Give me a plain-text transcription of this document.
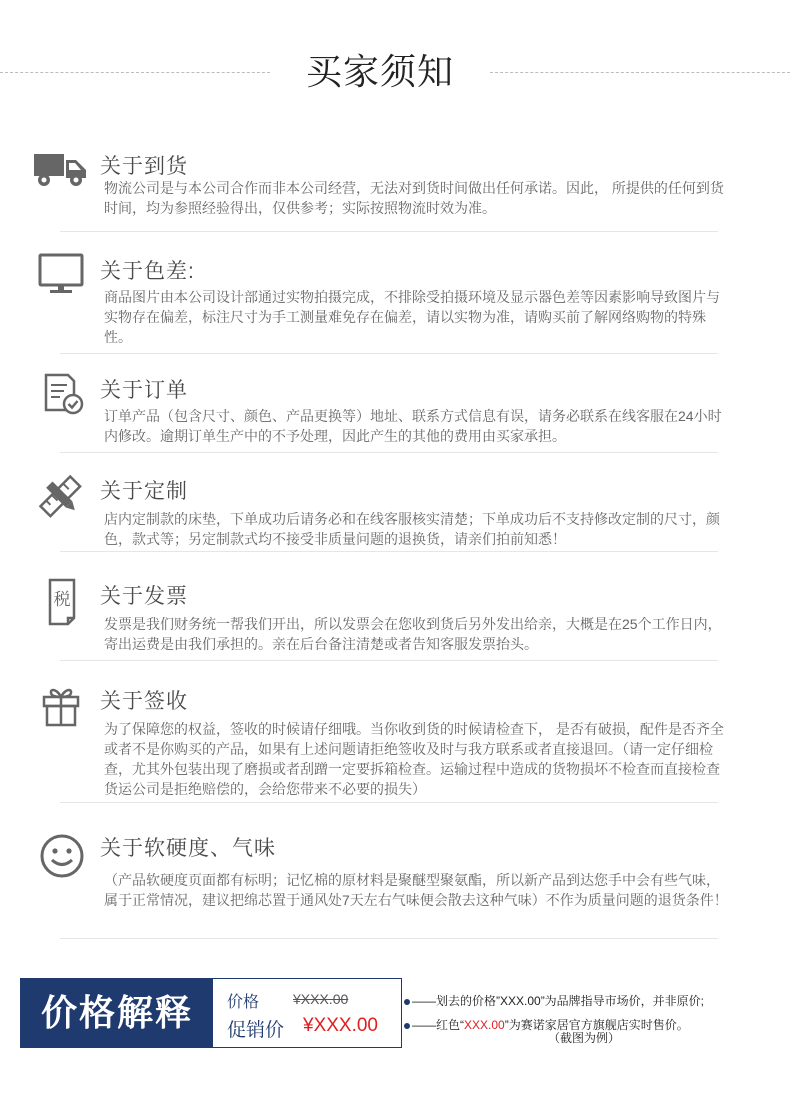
买家须知
关于到货
物流公司是与本公司合作而非本公司经营，无法对到货时间做出任何承诺。因此， 所提供的任何到货时间，均为参照经验得出，仅供参考；实际按照物流时效为准。
关于色差:
商品图片由本公司设计部通过实物拍摄完成，不排除受拍摄环境及显示器色差等因素影响导致图片与实物存在偏差，标注尺寸为手工测量难免存在偏差，请以实物为准，请购买前了解网络购物的特殊性。
关于订单
订单产品（包含尺寸、颜色、产品更换等）地址、联系方式信息有误，请务必联系在线客服在24小时内修改。逾期订单生产中的不予处理，因此产生的其他的费用由买家承担。
关于定制
店内定制款的床垫，下单成功后请务必和在线客服核实清楚；下单成功后不支持修改定制的尺寸，颜色，款式等；另定制款式均不接受非质量问题的退换货，请亲们拍前知悉！
税 关于发票
发票是我们财务统一帮我们开出，所以发票会在您收到货后另外发出给亲，大概是在25个工作日内，寄出运费是由我们承担的。亲在后台备注清楚或者告知客服发票抬头。
关于签收
为了保障您的权益，签收的时候请仔细哦。当你收到货的时候请检查下， 是否有破损，配件是否齐全或者不是你购买的产品，如果有上述问题请拒绝签收及时与我方联系或者直接退回。（请一定仔细检查，尤其外包装出现了磨损或者刮蹭一定要拆箱检查。运输过程中造成的货物损坏不检查而直接检查货运公司是拒绝赔偿的，会给您带来不必要的损失）
关于软硬度、气味
（产品软硬度页面都有标明；记忆棉的原材料是聚醚型聚氨酯，所以新产品到达您手中会有些气味，属于正常情况，建议把绵芯置于通风处7天左右气味便会散去这种气味）不作为质量问题的退货条件！
价格解释	价格 ¥XXX.00
促销价 ¥XXX.00
——划去的价格”XXX.00”为品牌指导市场价，并非原价;
——红色“XXX.00”为赛诺家居官方旗舰店实时售价。
（截图为例）
